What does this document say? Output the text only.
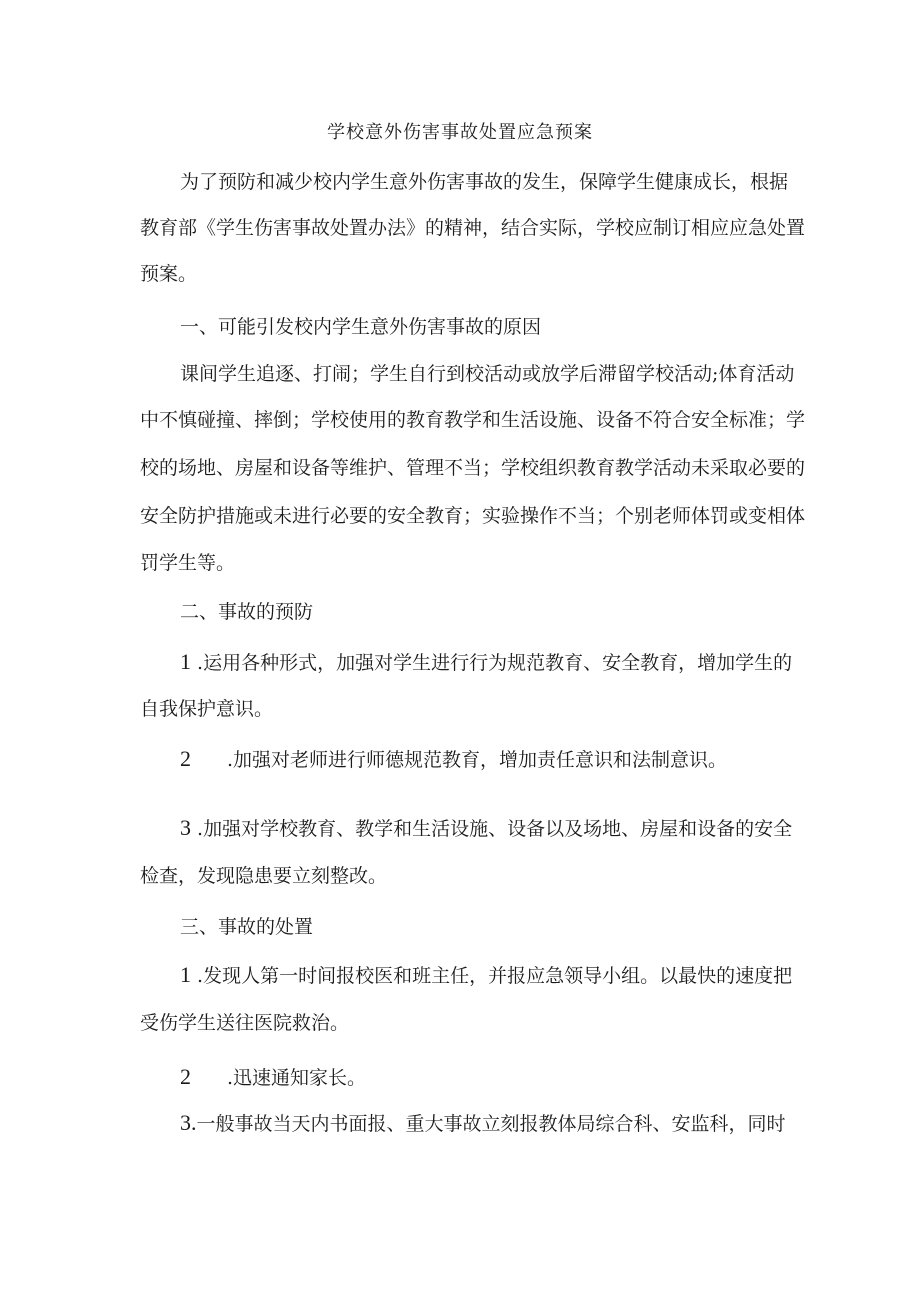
学校意外伤害事故处置应急预案
为了预防和减少校内学生意外伤害事故的发生，保障学生健康成长，根据
教育部《学生伤害事故处置办法》的精神，结合实际，学校应制订相应应急处置
预案。
一、可能引发校内学生意外伤害事故的原因
课间学生追逐、打闹；学生自行到校活动或放学后滞留学校活动;体育活动
中不慎碰撞、摔倒；学校使用的教育教学和生活设施、设备不符合安全标准；学
校的场地、房屋和设备等维护、管理不当；学校组织教育教学活动未采取必要的
安全防护措施或未进行必要的安全教育；实验操作不当；个别老师体罚或变相体
罚学生等。
二、事故的预防
1 .运用各种形式，加强对学生进行行为规范教育、安全教育，增加学生的
自我保护意识。
2 .加强对老师进行师德规范教育，增加责任意识和法制意识。
3 .加强对学校教育、教学和生活设施、设备以及场地、房屋和设备的安全
检查，发现隐患要立刻整改。
三、事故的处置
1 .发现人第一时间报校医和班主任，并报应急领导小组。以最快的速度把
受伤学生送往医院救治。
2 .迅速通知家长。
3.一般事故当天内书面报、重大事故立刻报教体局综合科、安监科，同时
